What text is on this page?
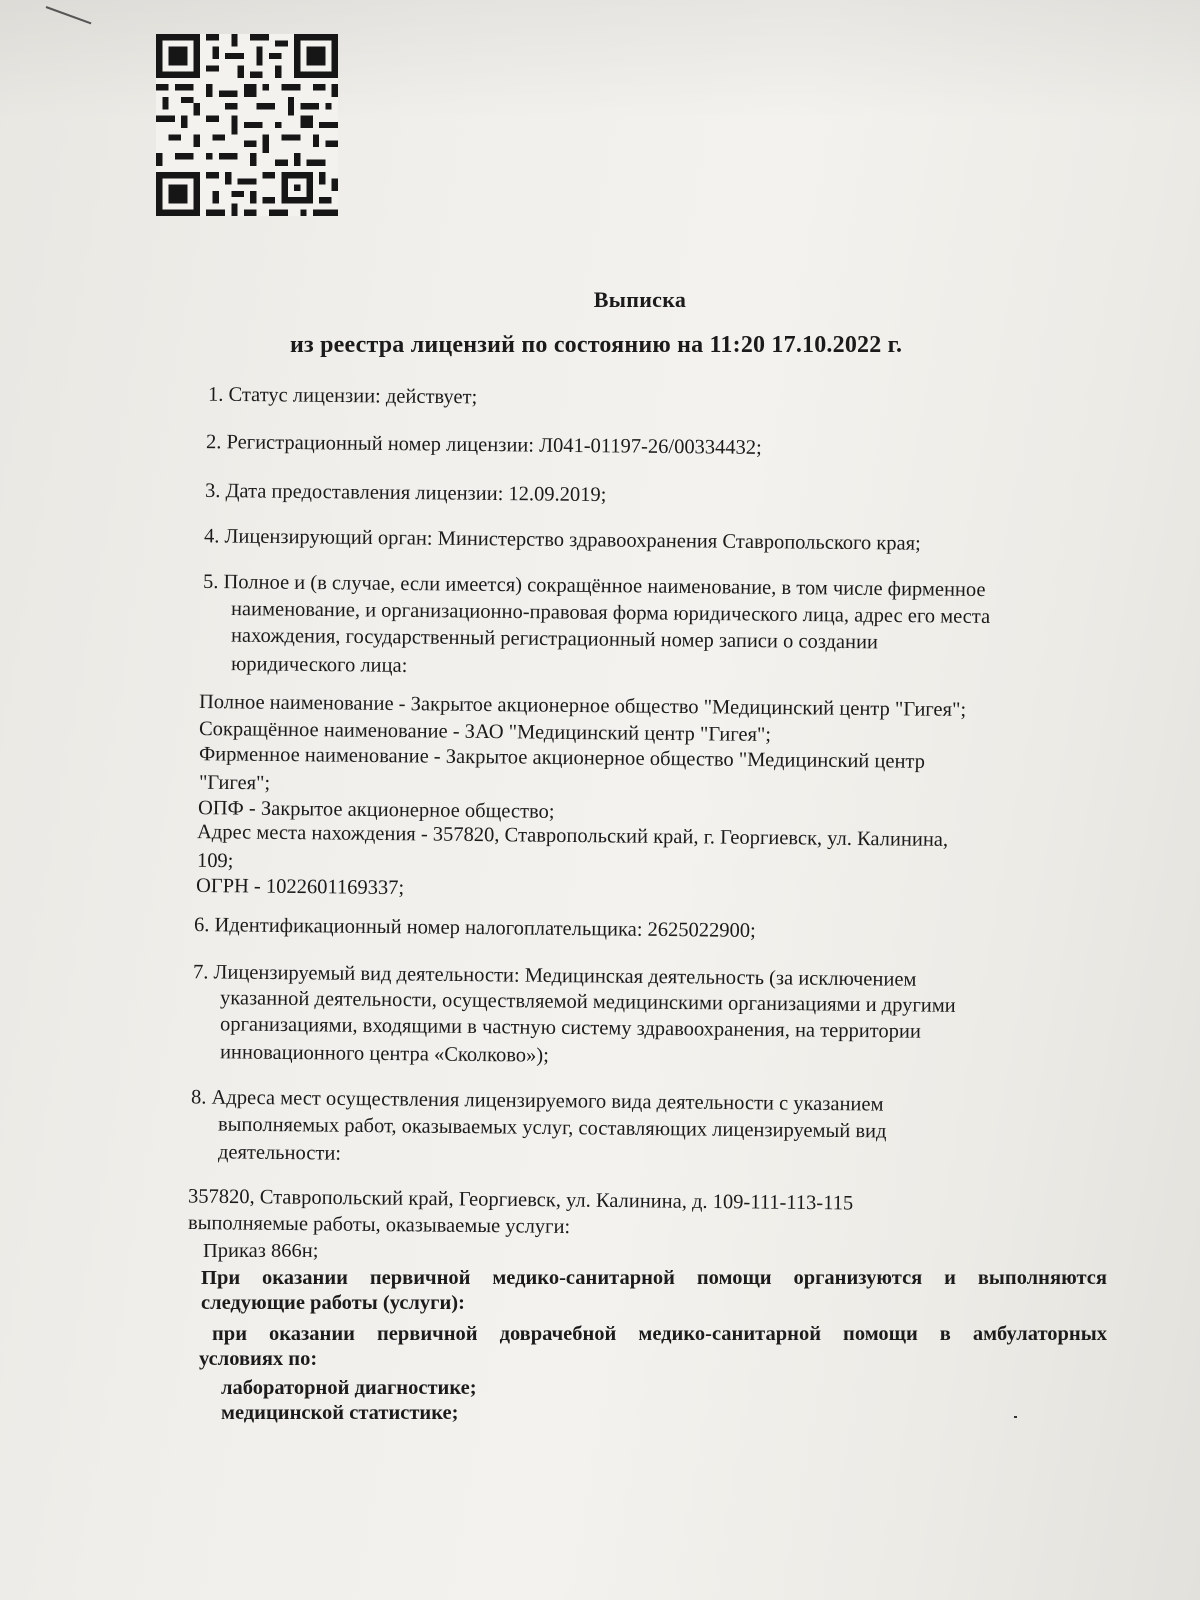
Выписка
из реестра лицензий по состоянию на 11:20 17.10.2022 г.
1. Статус лицензии: действует;
2. Регистрационный номер лицензии: Л041-01197-26/00334432;
3. Дата предоставления лицензии: 12.09.2019;
4. Лицензирующий орган: Министерство здравоохранения Ставропольского края;
5. Полное и (в случае, если имеется) сокращённое наименование, в том числе фирменное
наименование, и организационно-правовая форма юридического лица, адрес его места
нахождения, государственный регистрационный номер записи о создании
юридического лица:
Полное наименование - Закрытое акционерное общество "Медицинский центр "Гигея";
Сокращённое наименование - ЗАО "Медицинский центр "Гигея";
Фирменное наименование - Закрытое акционерное общество "Медицинский центр
"Гигея";
ОПФ - Закрытое акционерное общество;
Адрес места нахождения - 357820, Ставропольский край, г. Георгиевск, ул. Калинина,
109;
ОГРН - 1022601169337;
6. Идентификационный номер налогоплательщика: 2625022900;
7. Лицензируемый вид деятельности: Медицинская деятельность (за исключением
указанной деятельности, осуществляемой медицинскими организациями и другими
организациями, входящими в частную систему здравоохранения, на территории
инновационного центра «Сколково»);
8. Адреса мест осуществления лицензируемого вида деятельности с указанием
выполняемых работ, оказываемых услуг, составляющих лицензируемый вид
деятельности:
357820, Ставропольский край, Георгиевск, ул. Калинина, д. 109-111-113-115
выполняемые работы, оказываемые услуги:
Приказ 866н;
При оказании первичной медико-санитарной помощи организуются и выполняются
следующие работы (услуги):
при оказании первичной доврачебной медико-санитарной помощи в амбулаторных
условиях по:
лабораторной диагностике;
медицинской статистике;
